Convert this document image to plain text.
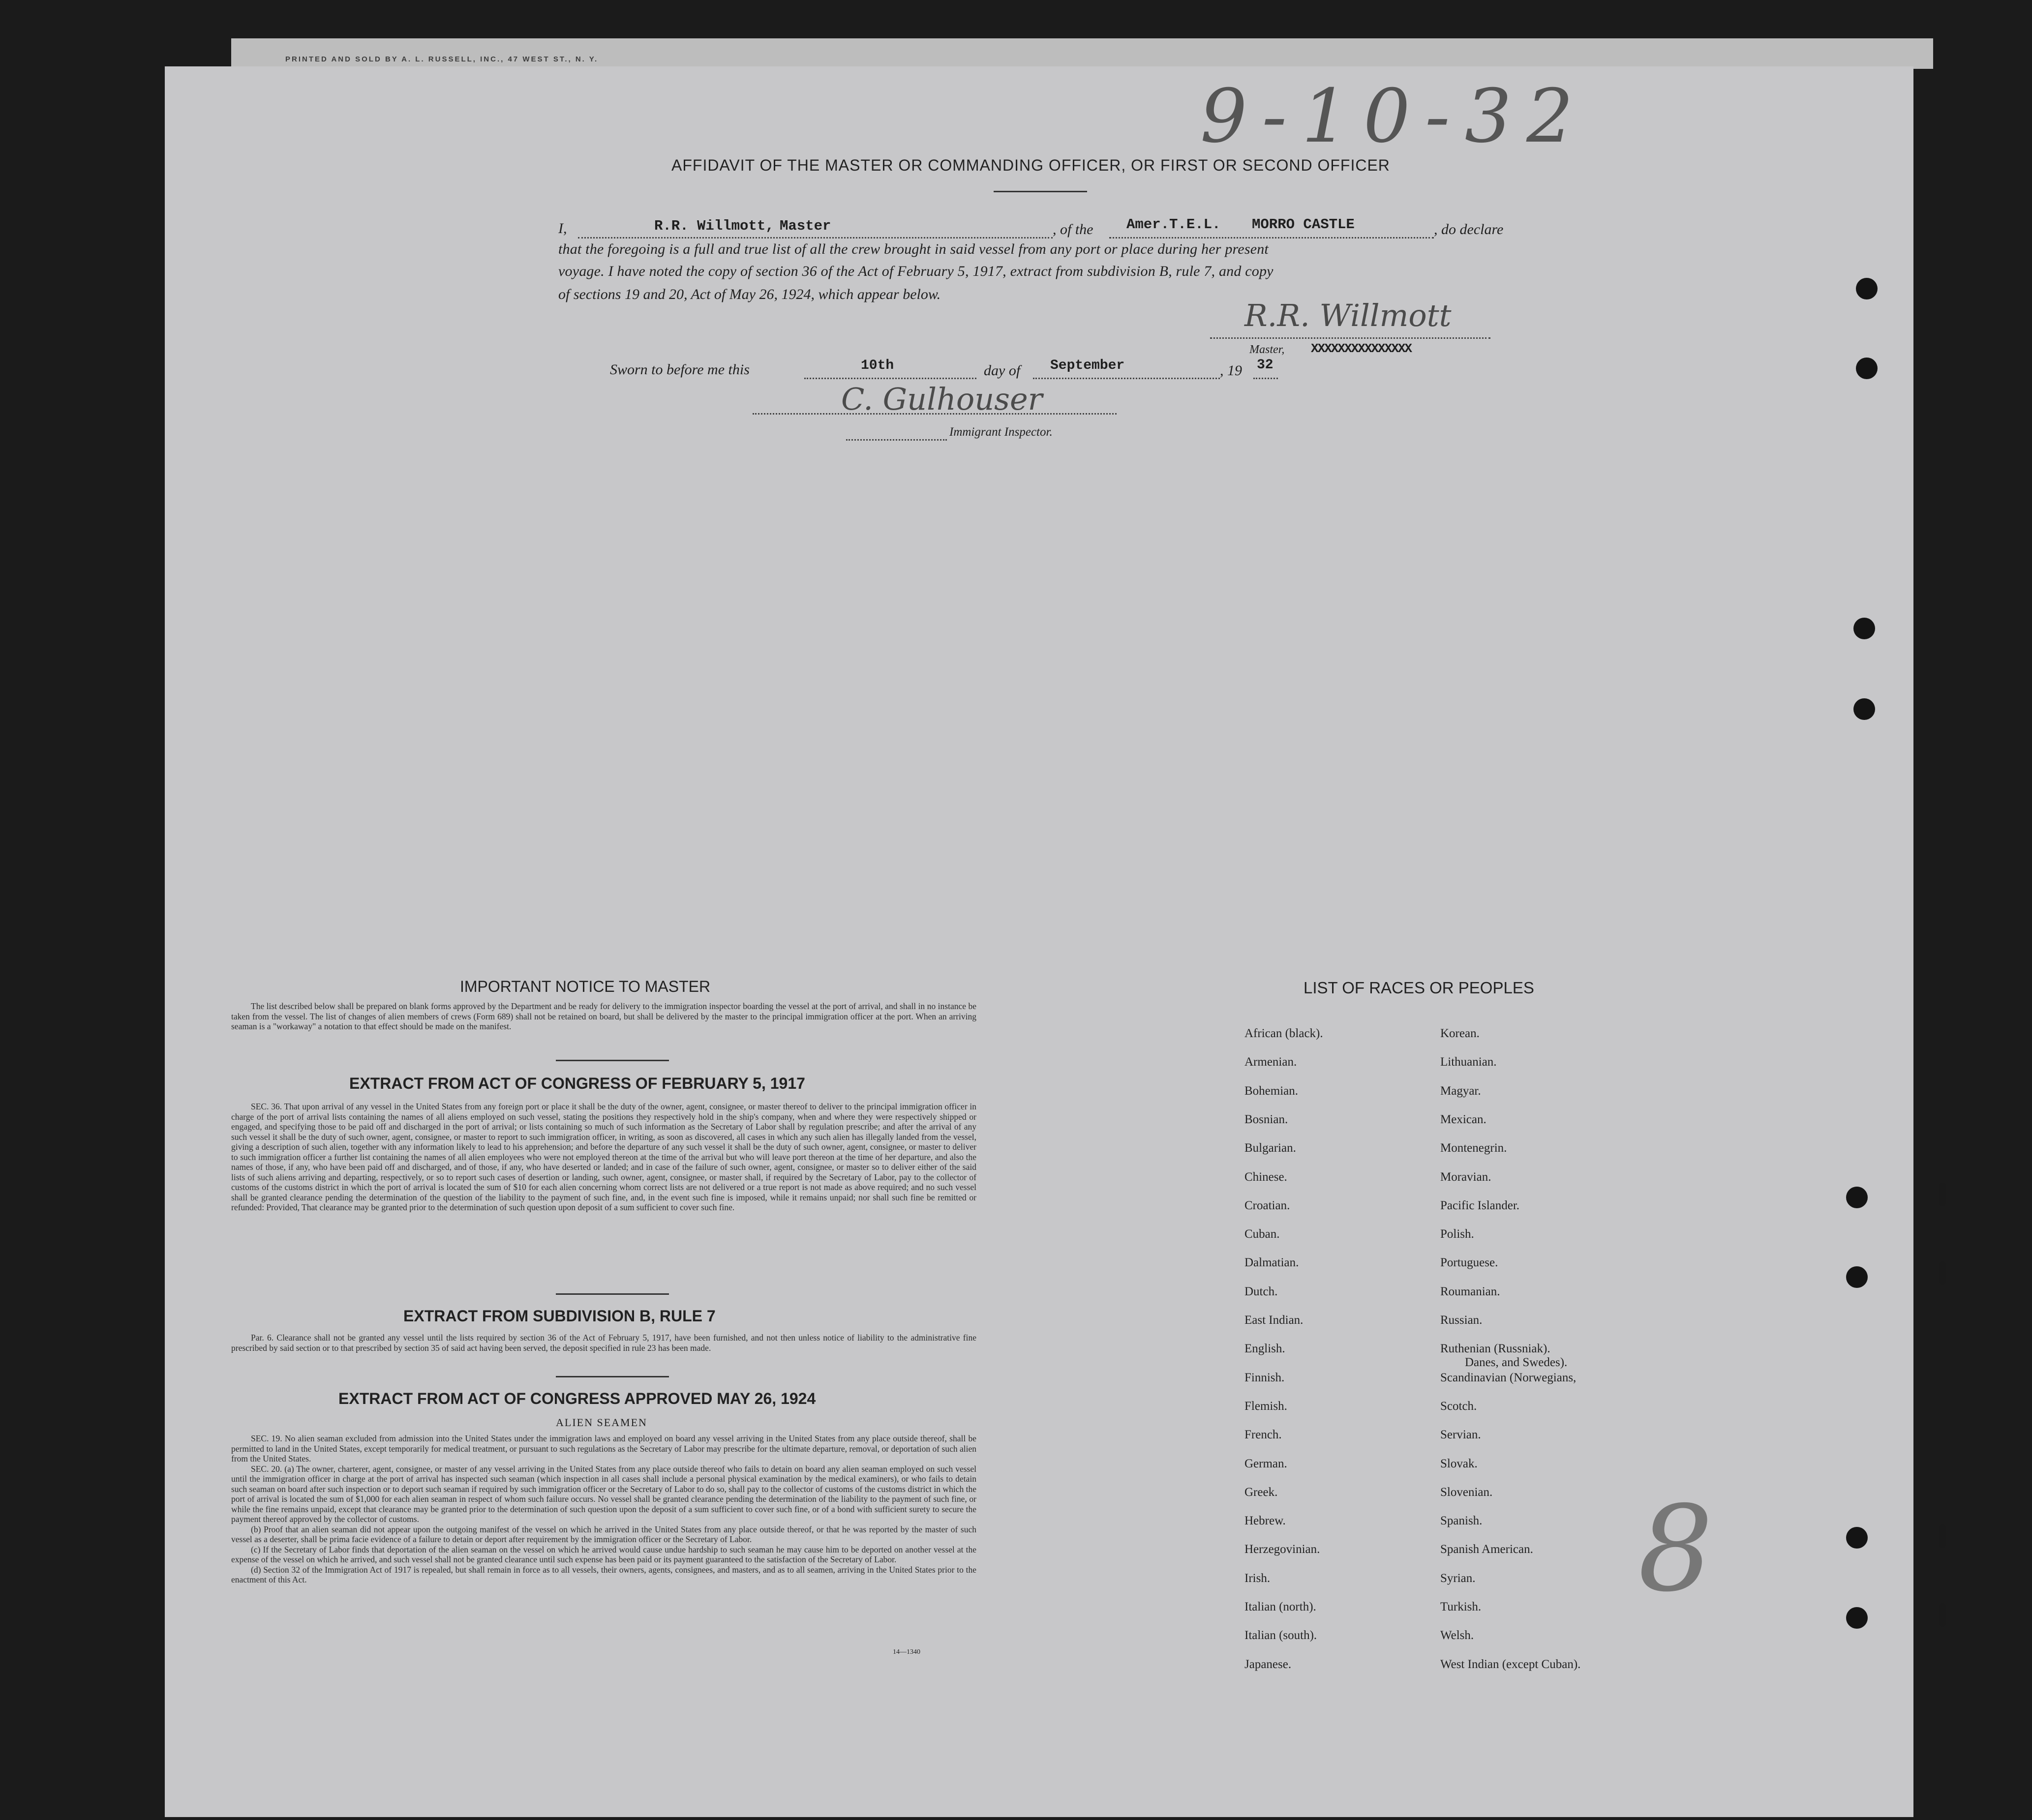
PRINTED AND SOLD BY A. L. RUSSELL, INC., 47 WEST ST., N. Y.
9-10-32
AFFIDAVIT OF THE MASTER OR COMMANDING OFFICER, OR FIRST OR SECOND OFFICER
I,	R.R. Willmott, Master	, of the Amer.T.E.L. MORRO CASTLE	, do declare
that the foregoing is a full and true list of all the crew brought in said vessel from any port or place during her present
voyage. I have noted the copy of section 36 of the Act of February 5, 1917, extract from subdivision B, rule 7, and copy
of sections 19 and 20, Act of May 26, 1924, which appear below.
R.R. Willmott
Master, XXXXXXXXXXXXXXX
Sworn to before me this	10th	day of September	, 19 32
C. Gulhouser
Immigrant Inspector.
IMPORTANT NOTICE TO MASTER

The list described below shall be prepared on blank forms approved by the Department and be ready for delivery to the immigration inspector boarding the vessel at the port of arrival, and shall in no instance be taken from the vessel. The list of changes of alien members of crews (Form 689) shall not be retained on board, but shall be delivered by the master to the principal immigration officer at the port. When an arriving seaman is a "workaway" a notation to that effect should be made on the manifest.

EXTRACT FROM ACT OF CONGRESS OF FEBRUARY 5, 1917

SEC. 36. That upon arrival of any vessel in the United States from any foreign port or place it shall be the duty of the owner, agent, consignee, or master thereof to deliver to the principal immigration officer in charge of the port of arrival lists containing the names of all aliens employed on such vessel, stating the positions they respectively hold in the ship's company, when and where they were respectively shipped or engaged, and specifying those to be paid off and discharged in the port of arrival; or lists containing so much of such information as the Secretary of Labor shall by regulation prescribe; and after the arrival of any such vessel it shall be the duty of such owner, agent, consignee, or master to report to such immigration officer, in writing, as soon as discovered, all cases in which any such alien has illegally landed from the vessel, giving a description of such alien, together with any information likely to lead to his apprehension; and before the departure of any such vessel it shall be the duty of such owner, agent, consignee, or master to deliver to such immigration officer a further list containing the names of all alien employees who were not employed thereon at the time of the arrival but who will leave port thereon at the time of her departure, and also the names of those, if any, who have been paid off and discharged, and of those, if any, who have deserted or landed; and in case of the failure of such owner, agent, consignee, or master so to deliver either of the said lists of such aliens arriving and departing, respectively, or so to report such cases of desertion or landing, such owner, agent, consignee, or master shall, if required by the Secretary of Labor, pay to the collector of customs of the customs district in which the port of arrival is located the sum of $10 for each alien concerning whom correct lists are not delivered or a true report is not made as above required; and no such vessel shall be granted clearance pending the determination of the question of the liability to the payment of such fine, and, in the event such fine is imposed, while it remains unpaid; nor shall such fine be remitted or refunded: Provided, That clearance may be granted prior to the determination of such question upon deposit of a sum sufficient to cover such fine.

EXTRACT FROM SUBDIVISION B, RULE 7

Par. 6. Clearance shall not be granted any vessel until the lists required by section 36 of the Act of February 5, 1917, have been furnished, and not then unless notice of liability to the administrative fine prescribed by said section or to that prescribed by section 35 of said act having been served, the deposit specified in rule 23 has been made.

EXTRACT FROM ACT OF CONGRESS APPROVED MAY 26, 1924
ALIEN SEAMEN

SEC. 19. No alien seaman excluded from admission into the United States under the immigration laws and employed on board any vessel arriving in the United States from any place outside thereof, shall be permitted to land in the United States, except temporarily for medical treatment, or pursuant to such regulations as the Secretary of Labor may prescribe for the ultimate departure, removal, or deportation of such alien from the United States.

SEC. 20. (a) The owner, charterer, agent, consignee, or master of any vessel arriving in the United States from any place outside thereof who fails to detain on board any alien seaman employed on such vessel until the immigration officer in charge at the port of arrival has inspected such seaman (which inspection in all cases shall include a personal physical examination by the medical examiners), or who fails to detain such seaman on board after such inspection or to deport such seaman if required by such immigration officer or the Secretary of Labor to do so, shall pay to the collector of customs of the customs district in which the port of arrival is located the sum of $1,000 for each alien seaman in respect of whom such failure occurs. No vessel shall be granted clearance pending the determination of the liability to the payment of such fine, or while the fine remains unpaid, except that clearance may be granted prior to the determination of such question upon the deposit of a sum sufficient to cover such fine, or of a bond with sufficient surety to secure the payment thereof approved by the collector of customs.

(b) Proof that an alien seaman did not appear upon the outgoing manifest of the vessel on which he arrived in the United States from any place outside thereof, or that he was reported by the master of such vessel as a deserter, shall be prima facie evidence of a failure to detain or deport after requirement by the immigration officer or the Secretary of Labor.

(c) If the Secretary of Labor finds that deportation of the alien seaman on the vessel on which he arrived would cause undue hardship to such seaman he may cause him to be deported on another vessel at the expense of the vessel on which he arrived, and such vessel shall not be granted clearance until such expense has been paid or its payment guaranteed to the satisfaction of the Secretary of Labor.

(d) Section 32 of the Immigration Act of 1917 is repealed, but shall remain in force as to all vessels, their owners, agents, consignees, and masters, and as to all seamen, arriving in the United States prior to the enactment of this Act.

14—1340
LIST OF RACES OR PEOPLES
African (black).
Armenian.
Bohemian.
Bosnian.
Bulgarian.
Chinese.
Croatian.
Cuban.
Dalmatian.
Dutch.
East Indian.
English.
Finnish.
Flemish.
French.
German.
Greek.
Hebrew.
Herzegovinian.
Irish.
Italian (north).
Italian (south).
Japanese.
Korean.
Lithuanian.
Magyar.
Mexican.
Montenegrin.
Moravian.
Pacific Islander.
Polish.
Portuguese.
Roumanian.
Russian.
Ruthenian (Russniak).
Scandinavian (Norwegians,
Danes, and Swedes).
Scotch.
Servian.
Slovak.
Slovenian.
Spanish.
Spanish American.
Syrian.
Turkish.
Welsh.
West Indian (except Cuban).
8
